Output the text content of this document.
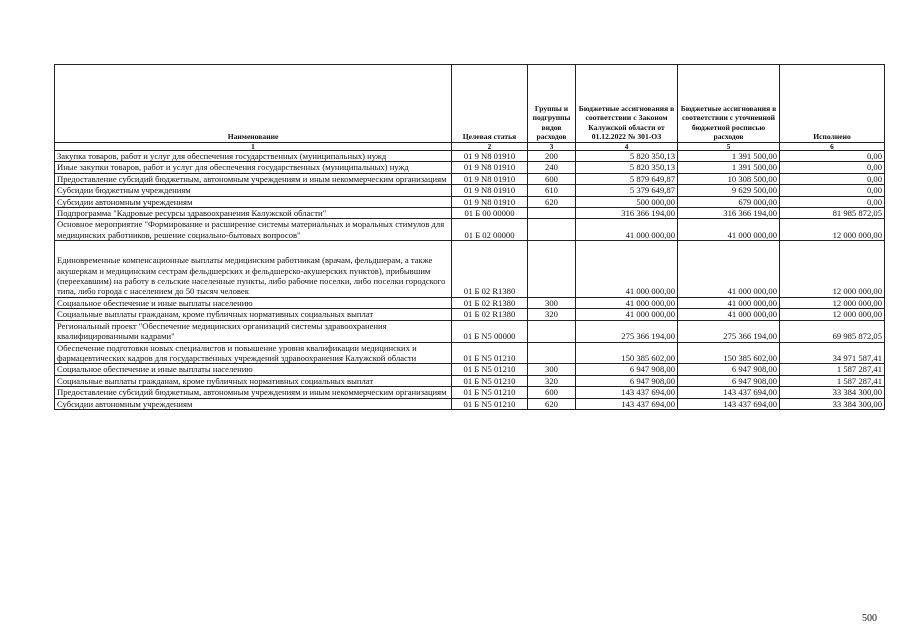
Наименование	Целевая статья	Группы и подгруппы видов расходов	Бюджетные ассигнования в соответствии с Законом Калужской области от 01.12.2022 № 301-ОЗ	Бюджетные ассигнования в соответствии с уточненной бюджетной росписью расходов	Исполнено
1	2	3	4	5	6
Закупка товаров, работ и услуг для обеспечения государственных (муниципальных) нужд	01 9 N8 01910	200	5 820 350,13	1 391 500,00	0,00
Иные закупки товаров, работ и услуг для обеспечения государственных (муниципальных) нужд	01 9 N8 01910	240	5 820 350,13	1 391 500,00	0,00
Предоставление субсидий бюджетным, автономным учреждениям и иным некоммерческим организациям	01 9 N8 01910	600	5 879 649,87	10 308 500,00	0,00
Субсидии бюджетным учреждениям	01 9 N8 01910	610	5 379 649,87	9 629 500,00	0,00
Субсидии автономным учреждениям	01 9 N8 01910	620	500 000,00	679 000,00	0,00
Подпрограмма "Кадровые ресурсы здравоохранения Калужской области"	01 Б 00 00000		316 366 194,00	316 366 194,00	81 985 872,05
Основное мероприятие "Формирование и расширение системы материальных и моральных стимулов для медицинских работников, решение социально-бытовых вопросов"	01 Б 02 00000		41 000 000,00	41 000 000,00	12 000 000,00
Единовременные компенсационные выплаты медицинским работникам (врачам, фельдшерам, а также акушеркам и медицинским сестрам фельдшерских и фельдшерско-акушерских пунктов), прибывшим (переехавшим) на работу в сельские населенные пункты, либо рабочие поселки, либо поселки городского типа, либо города с населением до 50 тысяч человек	01 Б 02 R1380		41 000 000,00	41 000 000,00	12 000 000,00
Социальное обеспечение и иные выплаты населению	01 Б 02 R1380	300	41 000 000,00	41 000 000,00	12 000 000,00
Социальные выплаты гражданам, кроме публичных нормативных социальных выплат	01 Б 02 R1380	320	41 000 000,00	41 000 000,00	12 000 000,00
Региональный проект "Обеспечение медицинских организаций системы здравоохранения квалифицированными кадрами"	01 Б N5 00000		275 366 194,00	275 366 194,00	69 985 872,05
Обеспечение подготовки новых специалистов и повышение уровня квалификации медицинских и фармацевтических кадров для государственных учреждений здравоохранения Калужской области	01 Б N5 01210		150 385 602,00	150 385 602,00	34 971 587,41
Социальное обеспечение и иные выплаты населению	01 Б N5 01210	300	6 947 908,00	6 947 908,00	1 587 287,41
Социальные выплаты гражданам, кроме публичных нормативных социальных выплат	01 Б N5 01210	320	6 947 908,00	6 947 908,00	1 587 287,41
Предоставление субсидий бюджетным, автономным учреждениям и иным некоммерческим организациям	01 Б N5 01210	600	143 437 694,00	143 437 694,00	33 384 300,00
Субсидии автономным учреждениям	01 Б N5 01210	620	143 437 694,00	143 437 694,00	33 384 300,00
500
